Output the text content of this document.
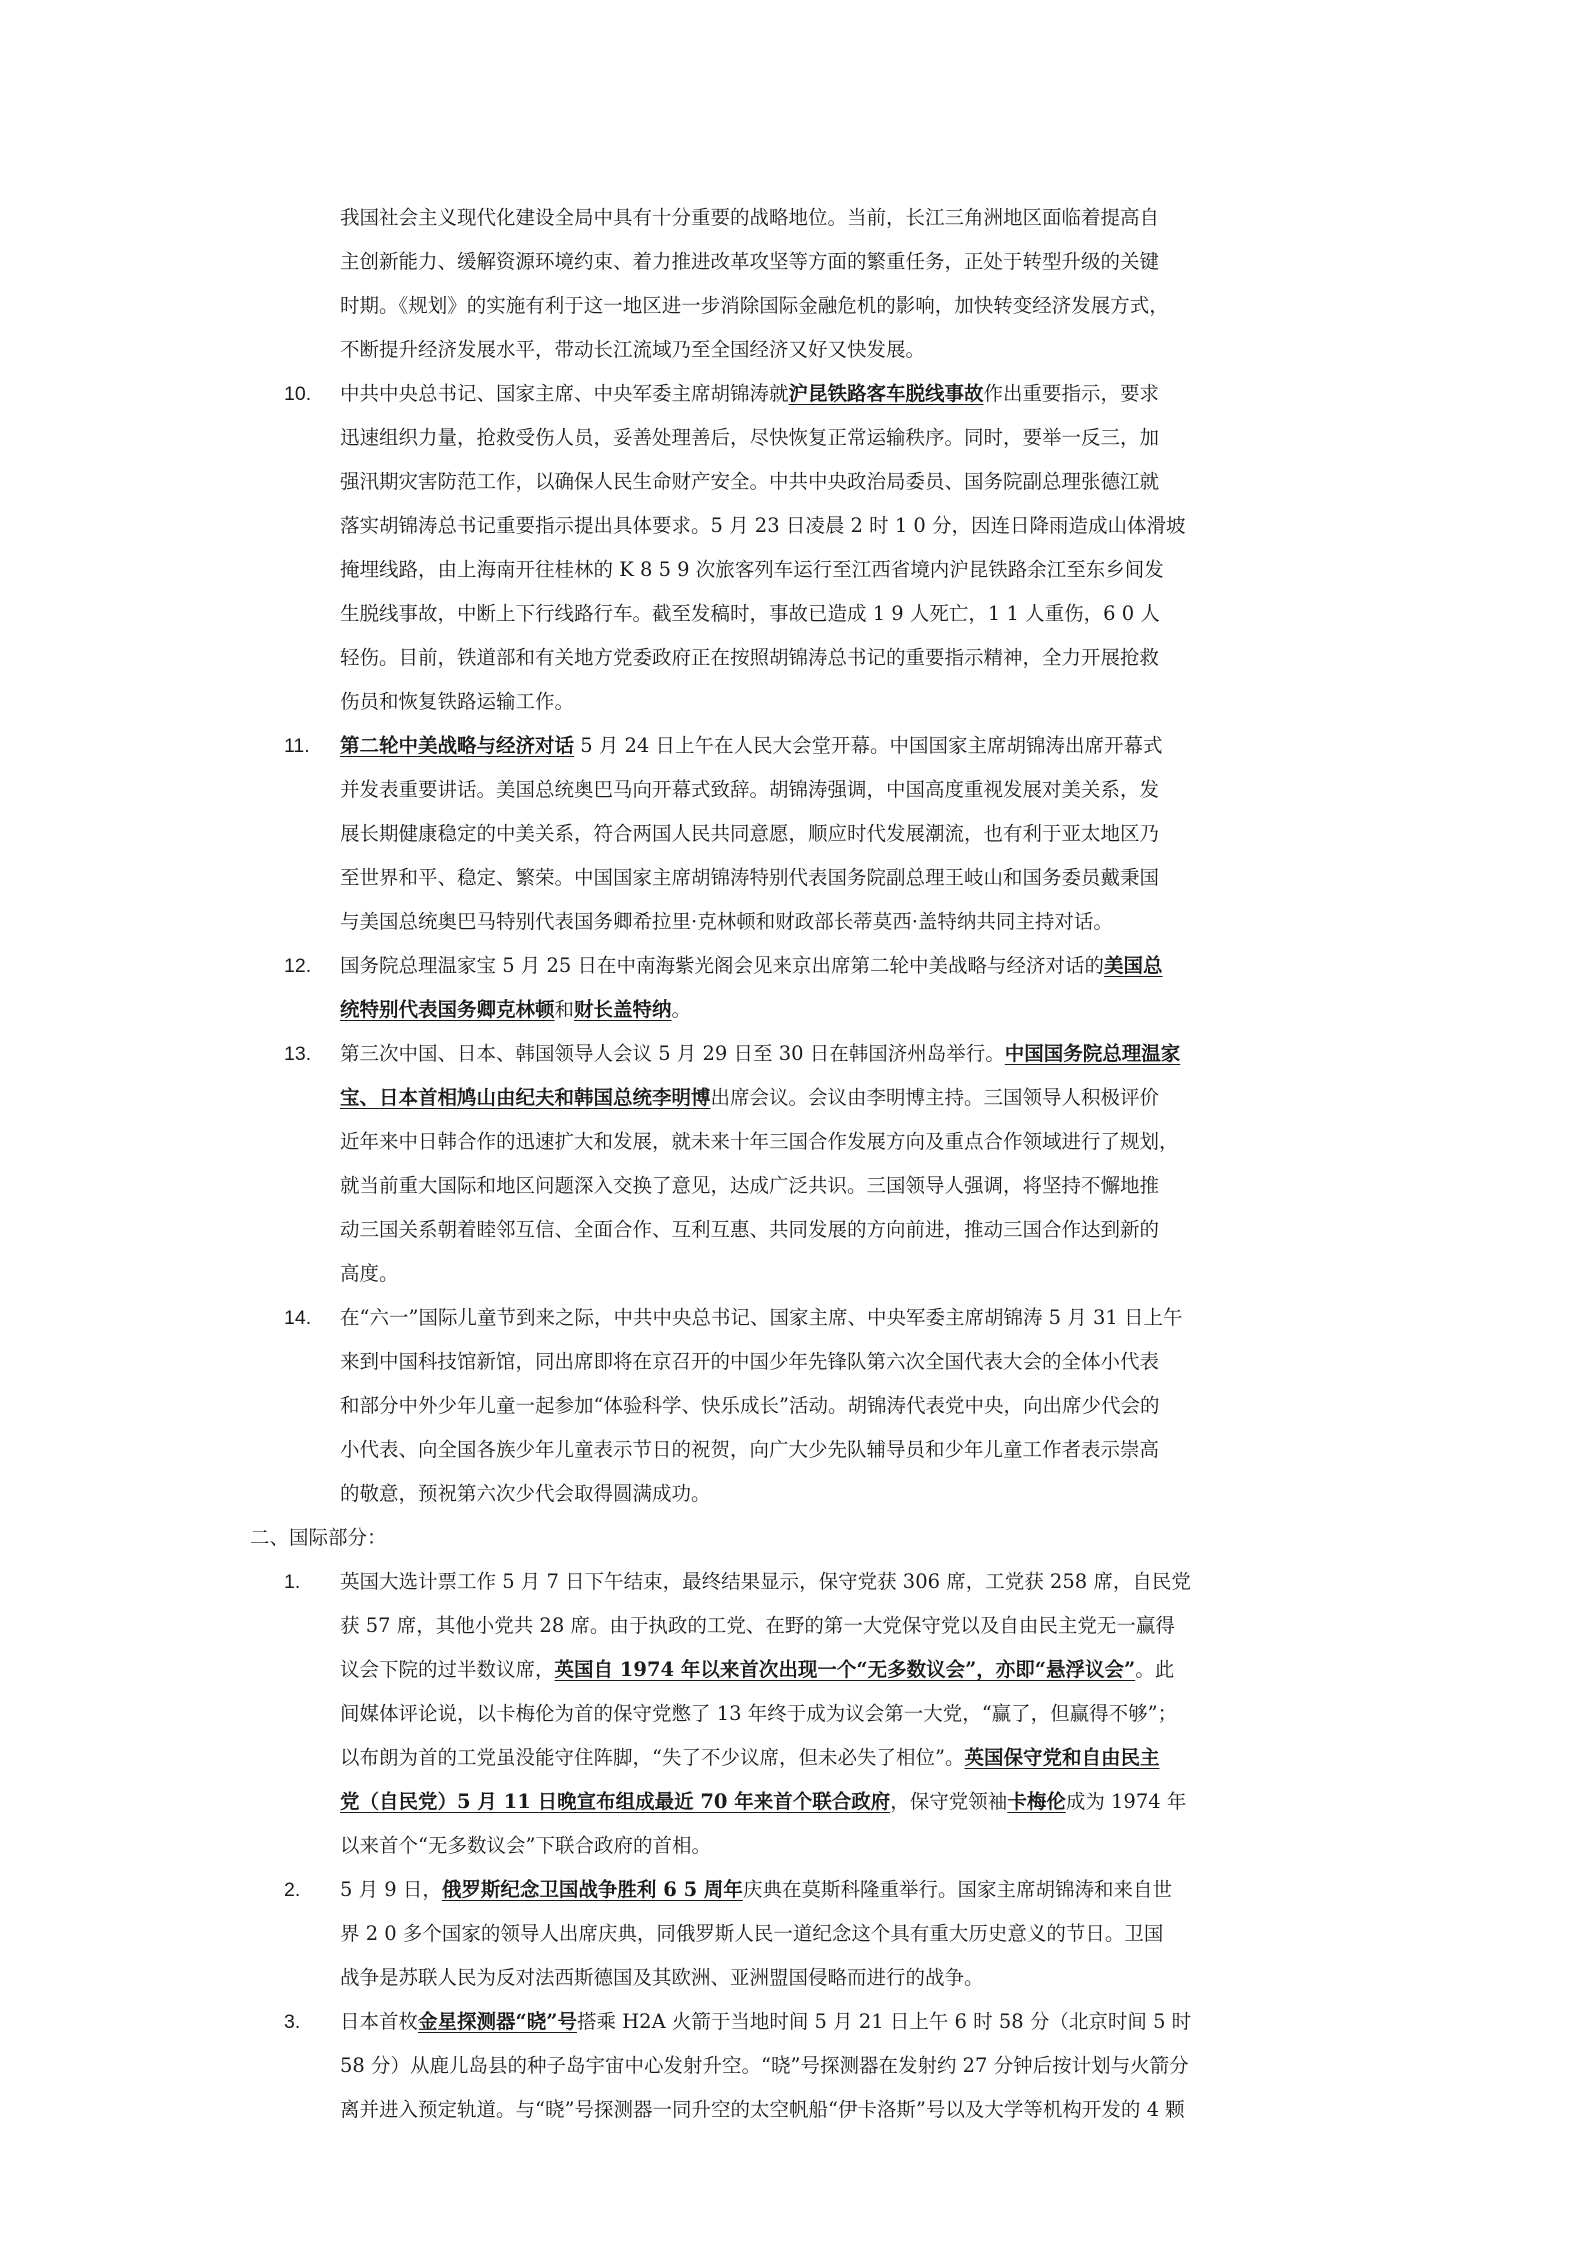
我国社会主义现代化建设全局中具有十分重要的战略地位。当前，长江三角洲地区面临着提高自

主创新能力、缓解资源环境约束、着力推进改革攻坚等方面的繁重任务，正处于转型升级的关键

时期。《规划》的实施有利于这一地区进一步消除国际金融危机的影响，加快转变经济发展方式，

不断提升经济发展水平，带动长江流域乃至全国经济又好又快发展。

10. 中共中央总书记、国家主席、中央军委主席胡锦涛就沪昆铁路客车脱线事故作出重要指示，要求

迅速组织力量，抢救受伤人员，妥善处理善后，尽快恢复正常运输秩序。同时，要举一反三，加

强汛期灾害防范工作，以确保人民生命财产安全。中共中央政治局委员、国务院副总理张德江就

落实胡锦涛总书记重要指示提出具体要求。5 月 23 日凌晨 2 时 1 0 分，因连日降雨造成山体滑坡

掩埋线路，由上海南开往桂林的 K 8 5 9 次旅客列车运行至江西省境内沪昆铁路余江至东乡间发

生脱线事故，中断上下行线路行车。截至发稿时，事故已造成 1 9 人死亡，1 1 人重伤，6 0 人

轻伤。目前，铁道部和有关地方党委政府正在按照胡锦涛总书记的重要指示精神，全力开展抢救

伤员和恢复铁路运输工作。

11. 第二轮中美战略与经济对话 5 月 24 日上午在人民大会堂开幕。中国国家主席胡锦涛出席开幕式

并发表重要讲话。美国总统奥巴马向开幕式致辞。胡锦涛强调，中国高度重视发展对美关系，发

展长期健康稳定的中美关系，符合两国人民共同意愿，顺应时代发展潮流，也有利于亚太地区乃

至世界和平、稳定、繁荣。中国国家主席胡锦涛特别代表国务院副总理王岐山和国务委员戴秉国

与美国总统奥巴马特别代表国务卿希拉里·克林顿和财政部长蒂莫西·盖特纳共同主持对话。

12. 国务院总理温家宝 5 月 25 日在中南海紫光阁会见来京出席第二轮中美战略与经济对话的美国总

统特别代表国务卿克林顿和财长盖特纳。

13. 第三次中国、日本、韩国领导人会议 5 月 29 日至 30 日在韩国济州岛举行。中国国务院总理温家

宝、日本首相鸠山由纪夫和韩国总统李明博出席会议。会议由李明博主持。三国领导人积极评价

近年来中日韩合作的迅速扩大和发展，就未来十年三国合作发展方向及重点合作领域进行了规划，

就当前重大国际和地区问题深入交换了意见，达成广泛共识。三国领导人强调，将坚持不懈地推

动三国关系朝着睦邻互信、全面合作、互利互惠、共同发展的方向前进，推动三国合作达到新的

高度。

14. 在“六一”国际儿童节到来之际，中共中央总书记、国家主席、中央军委主席胡锦涛 5 月 31 日上午

来到中国科技馆新馆，同出席即将在京召开的中国少年先锋队第六次全国代表大会的全体小代表

和部分中外少年儿童一起参加“体验科学、快乐成长”活动。胡锦涛代表党中央，向出席少代会的

小代表、向全国各族少年儿童表示节日的祝贺，向广大少先队辅导员和少年儿童工作者表示崇高

的敬意，预祝第六次少代会取得圆满成功。

二、国际部分：

1. 英国大选计票工作 5 月 7 日下午结束，最终结果显示，保守党获 306 席，工党获 258 席，自民党

获 57 席，其他小党共 28 席。由于执政的工党、在野的第一大党保守党以及自由民主党无一赢得

议会下院的过半数议席，英国自 1974 年以来首次出现一个“无多数议会”，亦即“悬浮议会”。此

间媒体评论说，以卡梅伦为首的保守党憋了 13 年终于成为议会第一大党，“赢了，但赢得不够”；

以布朗为首的工党虽没能守住阵脚，“失了不少议席，但未必失了相位”。英国保守党和自由民主

党（自民党）5 月 11 日晚宣布组成最近 70 年来首个联合政府，保守党领袖卡梅伦成为 1974 年

以来首个“无多数议会”下联合政府的首相。

2. 5 月 9 日，俄罗斯纪念卫国战争胜利 6 5 周年庆典在莫斯科隆重举行。国家主席胡锦涛和来自世

界 2 0 多个国家的领导人出席庆典，同俄罗斯人民一道纪念这个具有重大历史意义的节日。卫国

战争是苏联人民为反对法西斯德国及其欧洲、亚洲盟国侵略而进行的战争。

3. 日本首枚金星探测器“晓”号搭乘 H2A 火箭于当地时间 5 月 21 日上午 6 时 58 分（北京时间 5 时

58 分）从鹿儿岛县的种子岛宇宙中心发射升空。“晓”号探测器在发射约 27 分钟后按计划与火箭分

离并进入预定轨道。与“晓”号探测器一同升空的太空帆船“伊卡洛斯”号以及大学等机构开发的 4 颗
